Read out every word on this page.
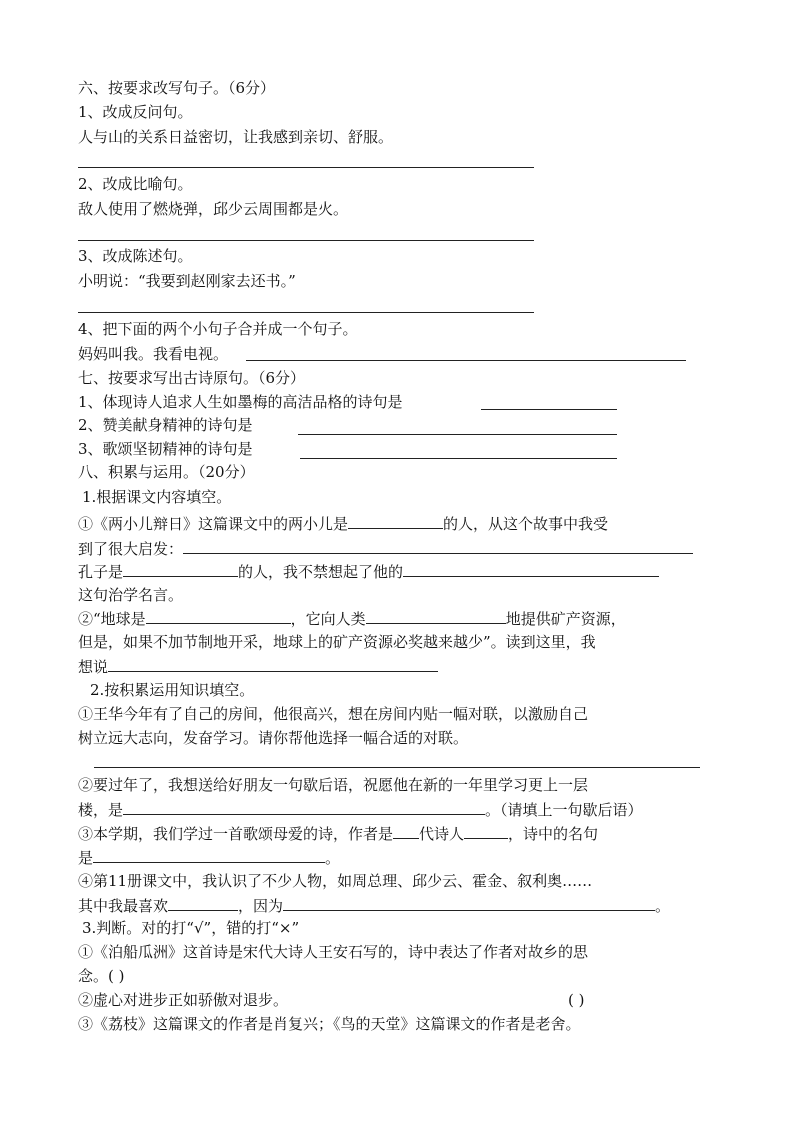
六、按要求改写句子。（6分）
1、改成反问句。
人与山的关系日益密切，让我感到亲切、舒服。
2、改成比喻句。
敌人使用了燃烧弹，邱少云周围都是火。
3、改成陈述句。
小明说：“我要到赵刚家去还书。”
4、把下面的两个小句子合并成一个句子。
妈妈叫我。我看电视。
七、按要求写出古诗原句。（6分）
1、体现诗人追求人生如墨梅的高洁品格的诗句是
2、赞美献身精神的诗句是
3、歌颂坚韧精神的诗句是
八、积累与运用。（20分）
1.根据课文内容填空。
①《两小儿辩日》这篇课文中的两小儿是	的人，从这个故事中我受
到了很大启发：
孔子是	的人，我不禁想起了他的
这句治学名言。
②“地球是	，它向人类	地提供矿产资源，
但是，如果不加节制地开采，地球上的矿产资源必奖越来越少”。读到这里，我
想说
2.按积累运用知识填空。
①王华今年有了自己的房间，他很高兴，想在房间内贴一幅对联，以激励自己
树立远大志向，发奋学习。请你帮他选择一幅合适的对联。
②要过年了，我想送给好朋友一句歇后语，祝愿他在新的一年里学习更上一层
楼，是	。（请填上一句歇后语）
③本学期，我们学过一首歌颂母爱的诗，作者是 代诗人	，诗中的名句
是	。
④第11册课文中，我认识了不少人物，如周总理、邱少云、霍金、叙利奥……
其中我最喜欢	，因为	。
3.判断。对的打“√”，错的打“×”
①《泊船瓜洲》这首诗是宋代大诗人王安石写的，诗中表达了作者对故乡的思
念。( )
②虚心对进步正如骄傲对退步。	( )
③《荔枝》这篇课文的作者是肖复兴；《鸟的天堂》这篇课文的作者是老舍。
